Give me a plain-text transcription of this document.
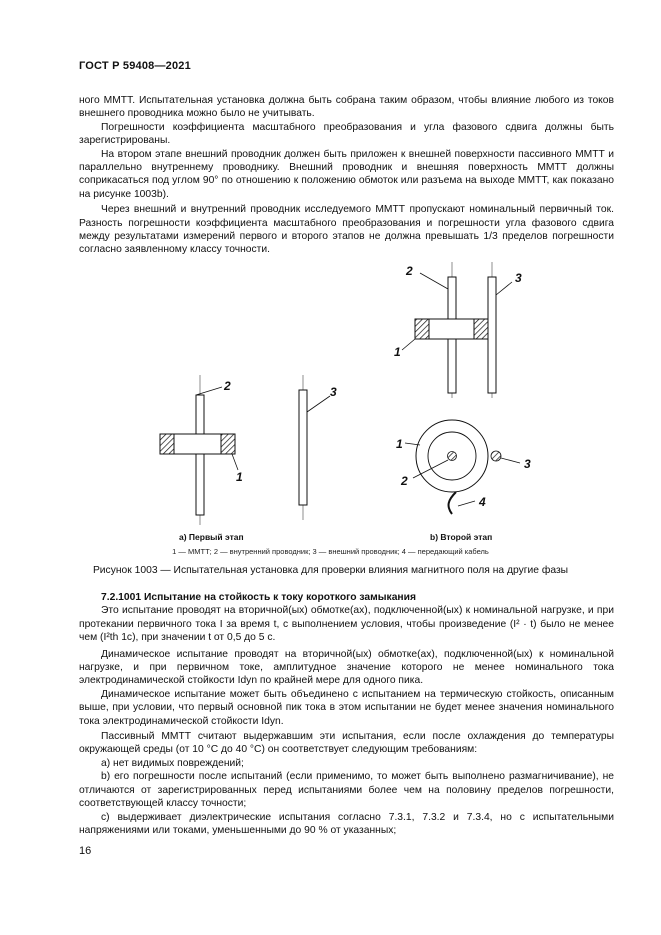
ГОСТ Р 59408—2021

ного ММТТ. Испытательная установка должна быть собрана таким образом, чтобы влияние любого из токов внешнего проводника можно было не учитывать.

Погрешности коэффициента масштабного преобразования и угла фазового сдвига должны быть зарегистрированы.

На втором этапе внешний проводник должен быть приложен к внешней поверхности пассивного ММТТ и параллельно внутреннему проводнику. Внешний проводник и внешняя поверхность ММТТ должны соприкасаться под углом 90° по отношению к положению обмоток или разъема на выходе ММТТ, как показано на рисунке 1003b).

Через внешний и внутренний проводник исследуемого ММТТ пропускают номинальный первичный ток. Разность погрешности коэффициента масштабного преобразования и погрешности угла фазового сдвига между результатами измерений первого и второго этапов не должна превышать 1/3 пределов погрешности согласно заявленному классу точности.

2
1
3
2	3
1
1
2
3
4
а) Первый этап	b) Второй этап
1 — ММТТ; 2 — внутренний проводник; 3 — внешний проводник; 4 — передающий кабель
Рисунок 1003 — Испытательная установка для проверки влияния магнитного поля на другие фазы

7.2.1001 Испытание на стойкость к току короткого замыкания

Это испытание проводят на вторичной(ых) обмотке(ах), подключенной(ых) к номинальной нагрузке, и при протекании первичного тока I за время t, с выполнением условия, чтобы произведение (I² · t) было не менее чем (I²th 1с), при значении t от 0,5 до 5 с.

Динамическое испытание проводят на вторичной(ых) обмотке(ах), подключенной(ых) к номинальной нагрузке, и при первичном токе, амплитудное значение которого не менее номинального тока электродинамической стойкости Idyn по крайней мере для одного пика.

Динамическое испытание может быть объединено с испытанием на термическую стойкость, описанным выше, при условии, что первый основной пик тока в этом испытании не будет менее значения номинального тока электродинамической стойкости Idyn.

Пассивный ММТТ считают выдержавшим эти испытания, если после охлаждения до температуры окружающей среды (от 10 °С до 40 °С) он соответствует следующим требованиям:

а) нет видимых повреждений;

b) его погрешности после испытаний (если применимо, то может быть выполнено размагничивание), не отличаются от зарегистрированных перед испытаниями более чем на половину пределов погрешности, соответствующей классу точности;

с) выдерживает диэлектрические испытания согласно 7.3.1, 7.3.2 и 7.3.4, но с испытательными напряжениями или токами, уменьшенными до 90 % от указанных;

16
